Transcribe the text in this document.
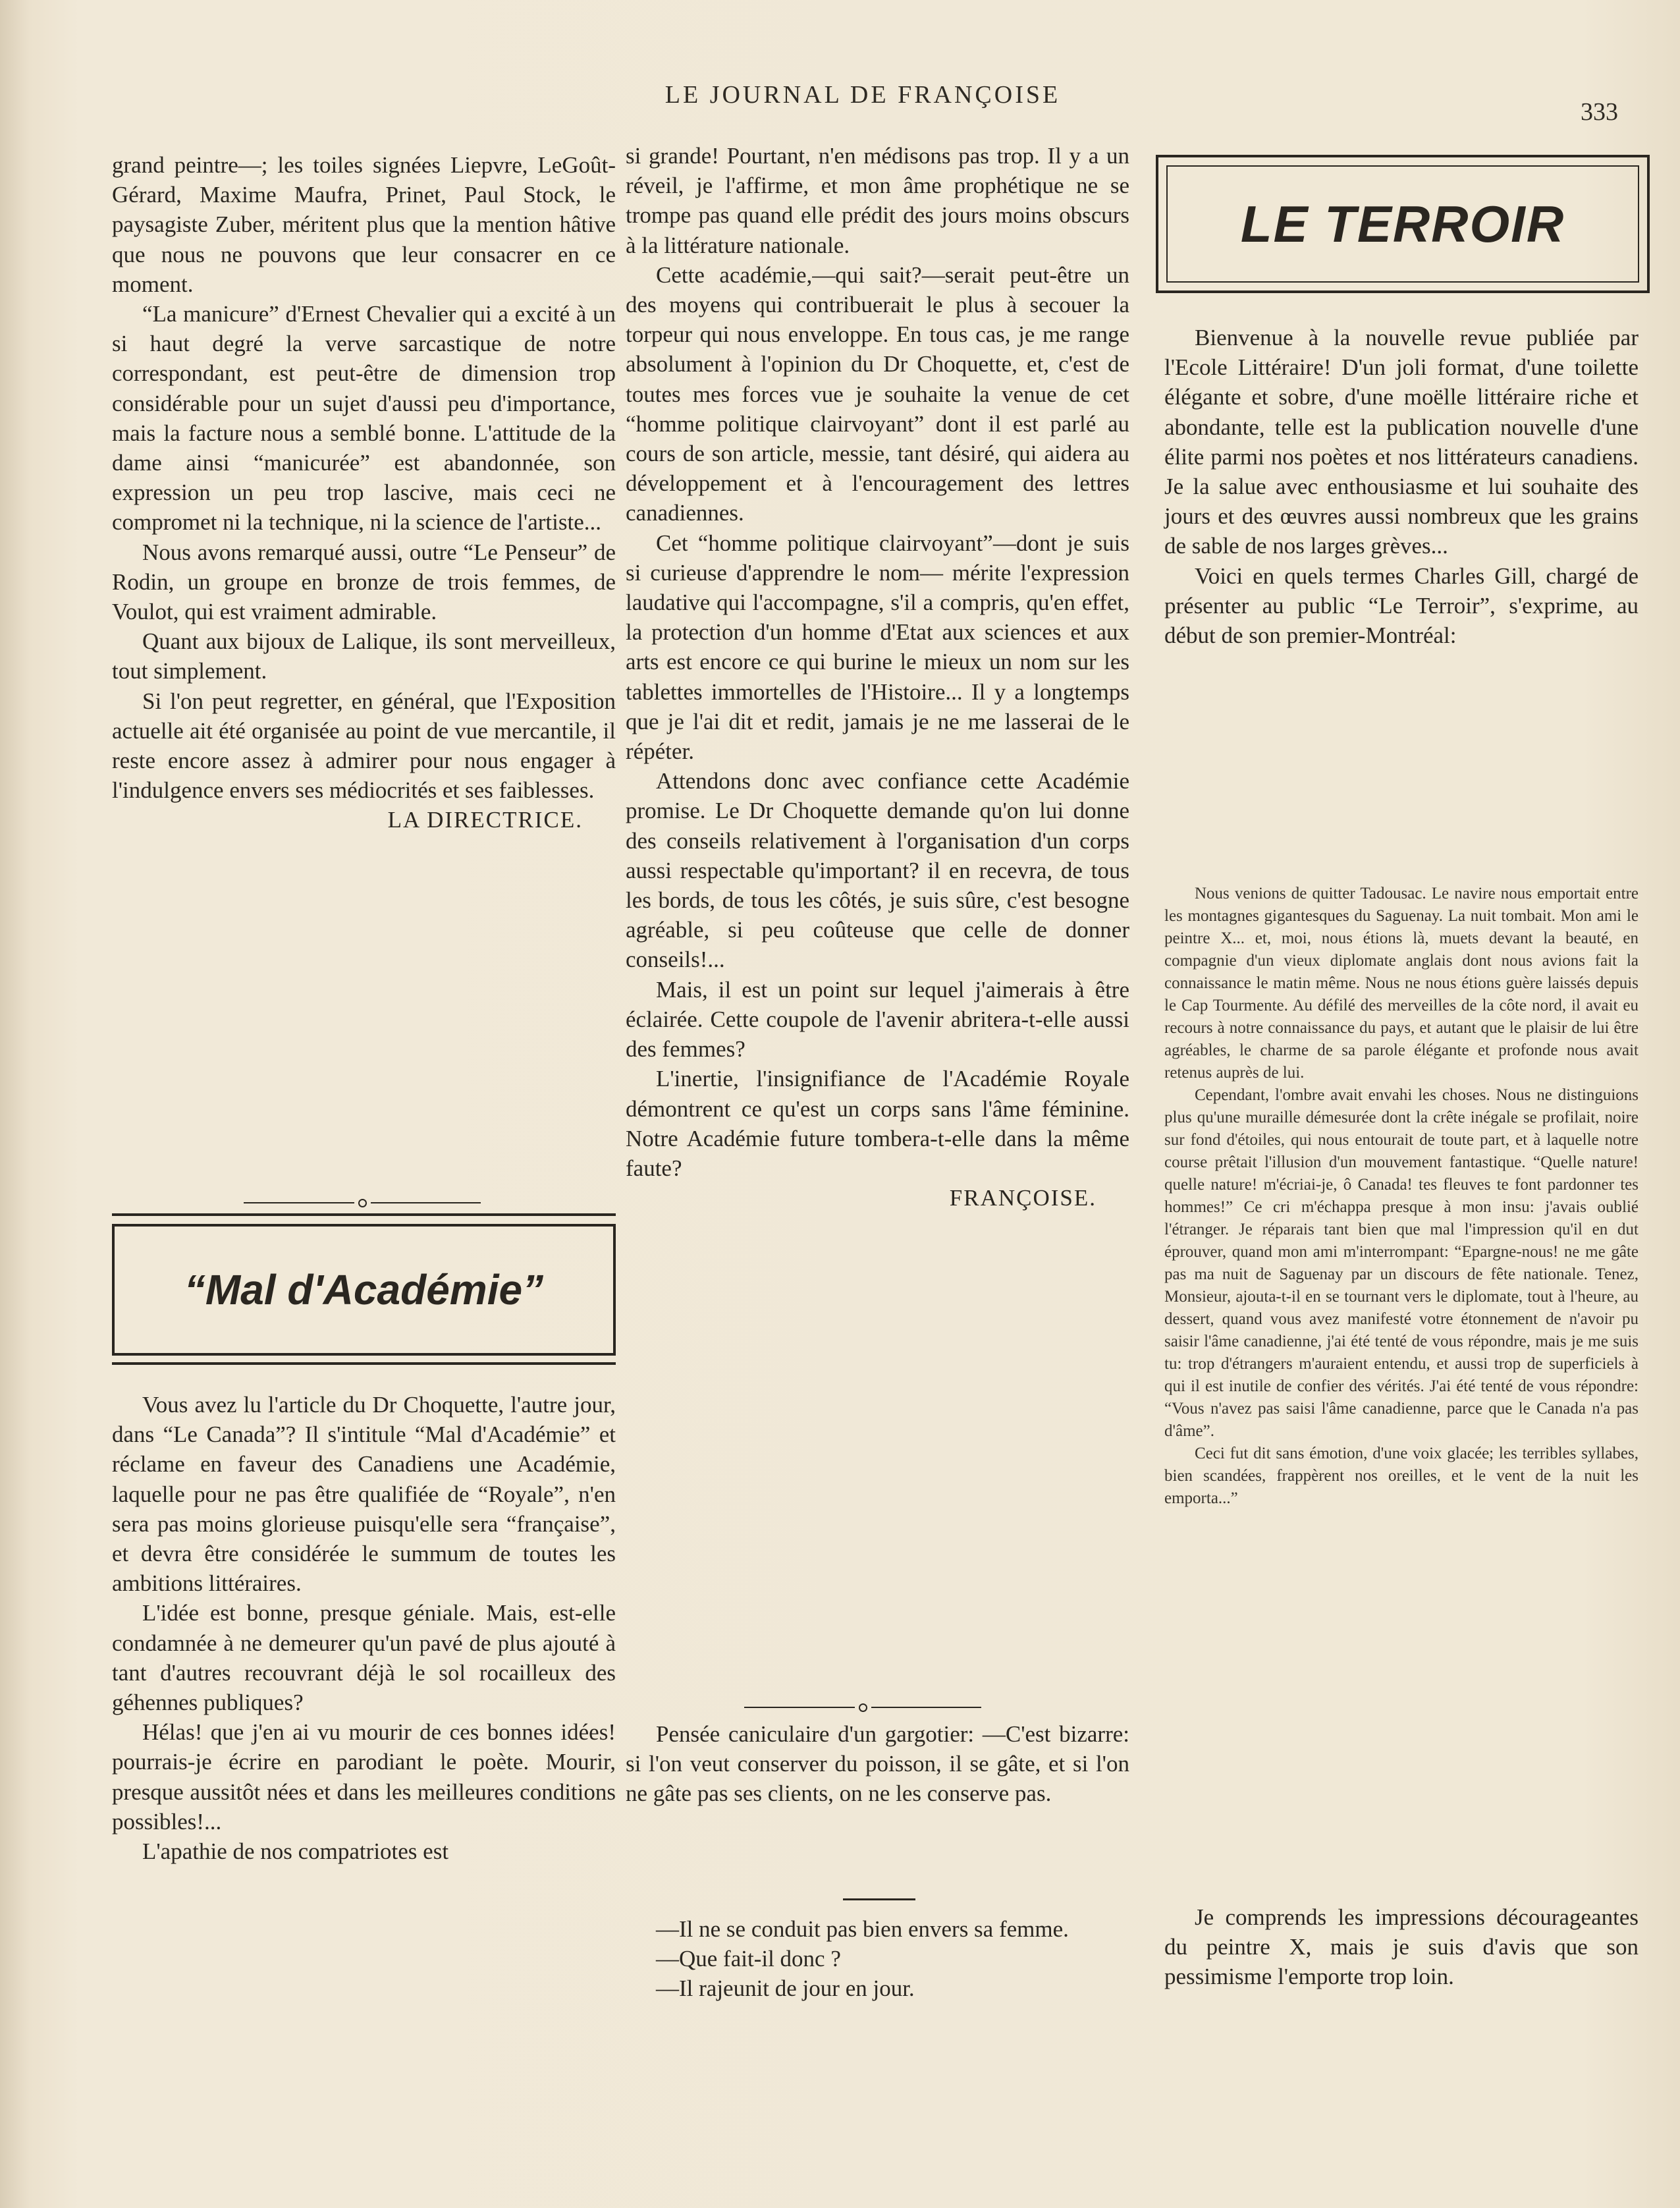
LE JOURNAL DE FRANÇOISE
333

grand peintre—; les toiles signées Liepvre, LeGoût-Gérard, Maxime Maufra, Prinet, Paul Stock, le paysagiste Zuber, méritent plus que la mention hâtive que nous ne pouvons que leur consacrer en ce moment.

“La manicure” d'Ernest Chevalier qui a excité à un si haut degré la verve sarcastique de notre correspondant, est peut-être de dimension trop considérable pour un sujet d'aussi peu d'importance, mais la facture nous a semblé bonne. L'attitude de la dame ainsi “manicurée” est abandonnée, son expression un peu trop lascive, mais ceci ne compromet ni la technique, ni la science de l'artiste...

Nous avons remarqué aussi, outre “Le Penseur” de Rodin, un groupe en bronze de trois femmes, de Voulot, qui est vraiment admirable.

Quant aux bijoux de Lalique, ils sont merveilleux, tout simplement.

Si l'on peut regretter, en général, que l'Exposition actuelle ait été organisée au point de vue mercantile, il reste encore assez à admirer pour nous engager à l'indulgence envers ses médiocrités et ses faiblesses.

LA DIRECTRICE.

“Mal d'Académie”

Vous avez lu l'article du Dr Choquette, l'autre jour, dans “Le Canada”? Il s'intitule “Mal d'Académie” et réclame en faveur des Canadiens une Académie, laquelle pour ne pas être qualifiée de “Royale”, n'en sera pas moins glorieuse puisqu'elle sera “française”, et devra être considérée le summum de toutes les ambitions littéraires.

L'idée est bonne, presque géniale. Mais, est-elle condamnée à ne demeurer qu'un pavé de plus ajouté à tant d'autres recouvrant déjà le sol rocailleux des géhennes publiques?

Hélas! que j'en ai vu mourir de ces bonnes idées! pourrais-je écrire en parodiant le poète. Mourir, presque aussitôt nées et dans les meilleures conditions possibles!...

L'apathie de nos compatriotes est

si grande! Pourtant, n'en médisons pas trop. Il y a un réveil, je l'affirme, et mon âme prophétique ne se trompe pas quand elle prédit des jours moins obscurs à la littérature nationale.

Cette académie,—qui sait?—serait peut-être un des moyens qui contribuerait le plus à secouer la torpeur qui nous enveloppe. En tous cas, je me range absolument à l'opinion du Dr Choquette, et, c'est de toutes mes forces vue je souhaite la venue de cet “homme politique clairvoyant” dont il est parlé au cours de son article, messie, tant désiré, qui aidera au développement et à l'encouragement des lettres canadiennes.

Cet “homme politique clairvoyant”—dont je suis si curieuse d'apprendre le nom— mérite l'expression laudative qui l'accompagne, s'il a compris, qu'en effet, la protection d'un homme d'Etat aux sciences et aux arts est encore ce qui burine le mieux un nom sur les tablettes immortelles de l'Histoire... Il y a longtemps que je l'ai dit et redit, jamais je ne me lasserai de le répéter.

Attendons donc avec confiance cette Académie promise. Le Dr Choquette demande qu'on lui donne des conseils relativement à l'organisation d'un corps aussi respectable qu'important? il en recevra, de tous les bords, de tous les côtés, je suis sûre, c'est besogne agréable, si peu coûteuse que celle de donner conseils!...

Mais, il est un point sur lequel j'aimerais à être éclairée. Cette coupole de l'avenir abritera-t-elle aussi des femmes?

L'inertie, l'insignifiance de l'Académie Royale démontrent ce qu'est un corps sans l'âme féminine. Notre Académie future tombera-t-elle dans la même faute?

FRANÇOISE.

Pensée caniculaire d'un gargotier: —C'est bizarre: si l'on veut conserver du poisson, il se gâte, et si l'on ne gâte pas ses clients, on ne les conserve pas.

—Il ne se conduit pas bien envers sa femme.

—Que fait-il donc ?

—Il rajeunit de jour en jour.

LE TERROIR

Bienvenue à la nouvelle revue publiée par l'Ecole Littéraire! D'un joli format, d'une toilette élégante et sobre, d'une moëlle littéraire riche et abondante, telle est la publication nouvelle d'une élite parmi nos poètes et nos littérateurs canadiens. Je la salue avec enthousiasme et lui souhaite des jours et des œuvres aussi nombreux que les grains de sable de nos larges grèves...

Voici en quels termes Charles Gill, chargé de présenter au public “Le Terroir”, s'exprime, au début de son premier-Montréal:

Nous venions de quitter Tadousac. Le navire nous emportait entre les montagnes gigantesques du Saguenay. La nuit tombait. Mon ami le peintre X... et, moi, nous étions là, muets devant la beauté, en compagnie d'un vieux diplomate anglais dont nous avions fait la connaissance le matin même. Nous ne nous étions guère laissés depuis le Cap Tourmente. Au défilé des merveilles de la côte nord, il avait eu recours à notre connaissance du pays, et autant que le plaisir de lui être agréables, le charme de sa parole élégante et profonde nous avait retenus auprès de lui.

Cependant, l'ombre avait envahi les choses. Nous ne distinguions plus qu'une muraille démesurée dont la crête inégale se profilait, noire sur fond d'étoiles, qui nous entourait de toute part, et à laquelle notre course prêtait l'illusion d'un mouvement fantastique. “Quelle nature! quelle nature! m'écriai-je, ô Canada! tes fleuves te font pardonner tes hommes!” Ce cri m'échappa presque à mon insu: j'avais oublié l'étranger. Je réparais tant bien que mal l'impression qu'il en dut éprouver, quand mon ami m'interrompant: “Epargne-nous! ne me gâte pas ma nuit de Saguenay par un discours de fête nationale. Tenez, Monsieur, ajouta-t-il en se tournant vers le diplomate, tout à l'heure, au dessert, quand vous avez manifesté votre étonnement de n'avoir pu saisir l'âme canadienne, j'ai été tenté de vous répondre, mais je me suis tu: trop d'étrangers m'auraient entendu, et aussi trop de superficiels à qui il est inutile de confier des vérités. J'ai été tenté de vous répondre: “Vous n'avez pas saisi l'âme canadienne, parce que le Canada n'a pas d'âme”.

Ceci fut dit sans émotion, d'une voix glacée; les terribles syllabes, bien scandées, frappèrent nos oreilles, et le vent de la nuit les emporta...”

Je comprends les impressions décourageantes du peintre X, mais je suis d'avis que son pessimisme l'emporte trop loin.
